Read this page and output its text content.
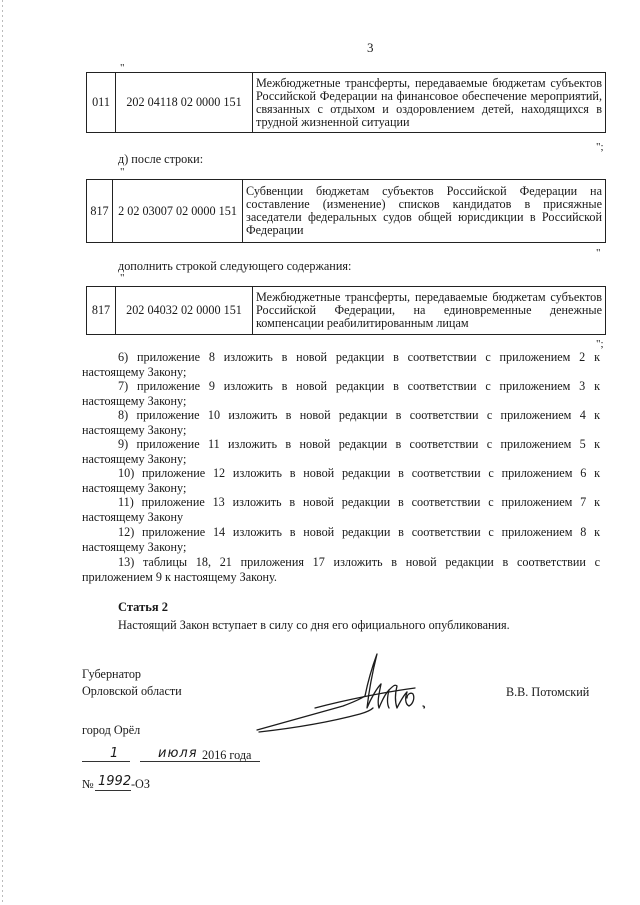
3
"
011	202 04118 02 0000 151	Межбюджетные трансферты, передаваемые бюджетам субъектов Российской Федерации на финансовое обеспечение мероприятий, связанных с отдыхом и оздоровлением детей, находящихся в трудной жизненной ситуации
";
д) после строки:
"
817	2 02 03007 02 0000 151	Субвенции бюджетам субъектов Российской Федерации на составление (изменение) списков кандидатов в присяжные заседатели федеральных судов общей юрисдикции в Российской Федерации
"
дополнить строкой следующего содержания:
"
817	202 04032 02 0000 151	Межбюджетные трансферты, передаваемые бюджетам субъектов Российской Федерации, на единовременные денежные компенсации реабилитированным лицам
";
6) приложение 8 изложить в новой редакции в соответствии с приложением 2 к
настоящему Закону;
7) приложение 9 изложить в новой редакции в соответствии с приложением 3 к
настоящему Закону;
8) приложение 10 изложить в новой редакции в соответствии с приложением 4 к
настоящему Закону;
9) приложение 11 изложить в новой редакции в соответствии с приложением 5 к
настоящему Закону;
10) приложение 12 изложить в новой редакции в соответствии с приложением 6 к
настоящему Закону;
11) приложение 13 изложить в новой редакции в соответствии с приложением 7 к
настоящему Закону
12) приложение 14 изложить в новой редакции в соответствии с приложением 8 к
настоящему Закону;
13) таблицы 18, 21 приложения 17 изложить в новой редакции в соответствии с
приложением 9 к настоящему Закону.
Статья 2
Настоящий Закон вступает в силу со дня его официального опубликования.
Губернатор
Орловской области	В.В. Потомский
город Орёл
1	июля 2016 года
№ 1992 -ОЗ
